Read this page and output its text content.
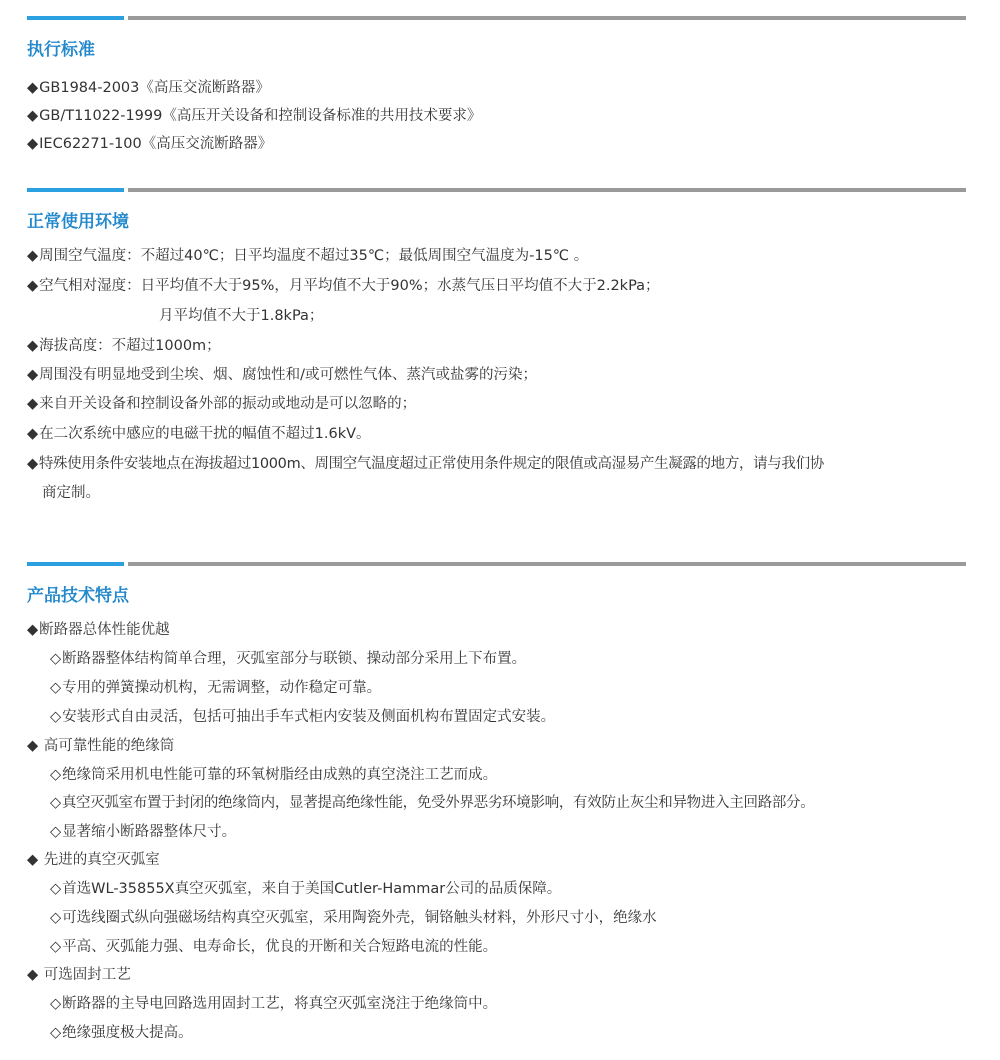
执行标准
◆GB1984-2003《高压交流断路器》
◆GB/T11022-1999《高压开关设备和控制设备标准的共用技术要求》
◆IEC62271-100《高压交流断路器》
正常使用环境
◆周围空气温度：不超过40℃；日平均温度不超过35℃；最低周围空气温度为-15℃ 。
◆空气相对湿度：日平均值不大于95%，月平均值不大于90%；水蒸气压日平均值不大于2.2kPa；
月平均值不大于1.8kPa；
◆海拔高度：不超过1000m；
◆周围没有明显地受到尘埃、烟、腐蚀性和/或可燃性气体、蒸汽或盐雾的污染；
◆来自开关设备和控制设备外部的振动或地动是可以忽略的；
◆在二次系统中感应的电磁干扰的幅值不超过1.6kV。
◆特殊使用条件安装地点在海拔超过1000m、周围空气温度超过正常使用条件规定的限值或高湿易产生凝露的地方，请与我们协
商定制。
产品技术特点
◆断路器总体性能优越
◇断路器整体结构简单合理，灭弧室部分与联锁、操动部分采用上下布置。
◇专用的弹簧操动机构，无需调整，动作稳定可靠。
◇安装形式自由灵活，包括可抽出手车式柜内安装及侧面机构布置固定式安装。
◆ 高可靠性能的绝缘筒
◇绝缘筒采用机电性能可靠的环氧树脂经由成熟的真空浇注工艺而成。
◇真空灭弧室布置于封闭的绝缘筒内，显著提高绝缘性能，免受外界恶劣环境影响，有效防止灰尘和异物进入主回路部分。
◇显著缩小断路器整体尺寸。
◆ 先进的真空灭弧室
◇首选WL-35855X真空灭弧室，来自于美国Cutler-Hammar公司的品质保障。
◇可选线圈式纵向强磁场结构真空灭弧室，采用陶瓷外壳，铜铬触头材料，外形尺寸小，绝缘水
◇平高、灭弧能力强、电寿命长，优良的开断和关合短路电流的性能。
◆ 可选固封工艺
◇断路器的主导电回路选用固封工艺，将真空灭弧室浇注于绝缘筒中。
◇绝缘强度极大提高。
